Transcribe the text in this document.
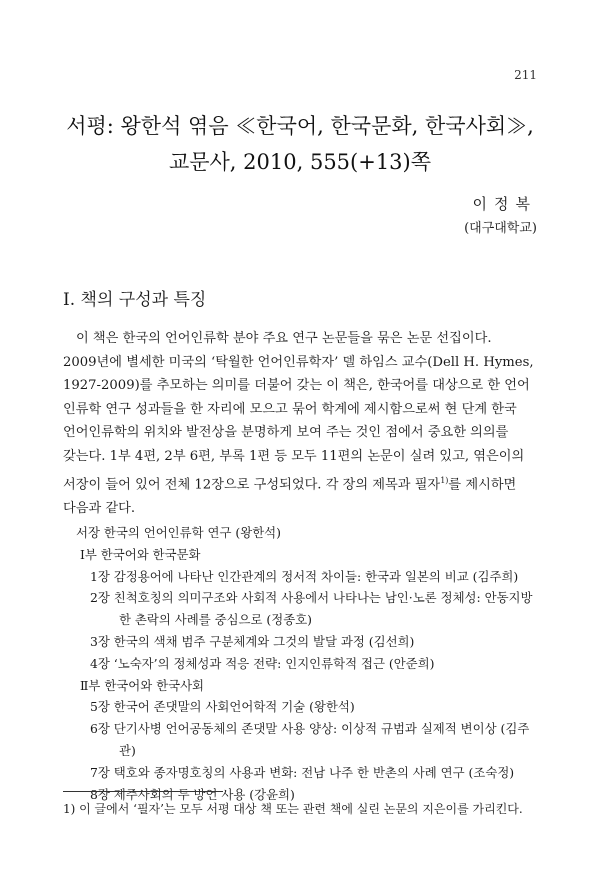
211
서평: 왕한석 엮음 ≪한국어, 한국문화, 한국사회≫,
교문사, 2010, 555(+13)쪽
이정복
(대구대학교)
I. 책의 구성과 특징
이 책은 한국의 언어인류학 분야 주요 연구 논문들을 묶은 논문 선집이다.
2009년에 별세한 미국의 ‘탁월한 언어인류학자’ 델 하임스 교수(Dell H. Hymes,
1927-2009)를 추모하는 의미를 더불어 갖는 이 책은, 한국어를 대상으로 한 언어
인류학 연구 성과들을 한 자리에 모으고 묶어 학계에 제시함으로써 현 단계 한국
언어인류학의 위치와 발전상을 분명하게 보여 주는 것인 점에서 중요한 의의를
갖는다. 1부 4편, 2부 6편, 부록 1편 등 모두 11편의 논문이 실려 있고, 엮은이의
서장이 들어 있어 전체 12장으로 구성되었다. 각 장의 제목과 필자$^{1)}$를 제시하면
다음과 같다.
서장 한국의 언어인류학 연구 (왕한석)
Ⅰ부 한국어와 한국문화
1장 감정용어에 나타난 인간관계의 정서적 차이들: 한국과 일본의 비교 (김주희)
2장 친척호칭의 의미구조와 사회적 사용에서 나타나는 남인·노론 정체성: 안동지방
한 촌락의 사례를 중심으로 (정종호)
3장 한국의 색채 범주 구분체계와 그것의 발달 과정 (김선희)
4장 ‘노숙자’의 정체성과 적응 전략: 인지인류학적 접근 (안준희)
Ⅱ부 한국어와 한국사회
5장 한국어 존댓말의 사회언어학적 기술 (왕한석)
6장 단기사병 언어공동체의 존댓말 사용 양상: 이상적 규범과 실제적 변이상 (김주
관)
7장 택호와 종자명호칭의 사용과 변화: 전남 나주 한 반촌의 사례 연구 (조숙정)
8장 제주사회의 두 방언 사용 (강윤희)
1) 이 글에서 ‘필자’는 모두 서평 대상 책 또는 관련 책에 실린 논문의 지은이를 가리킨다.
